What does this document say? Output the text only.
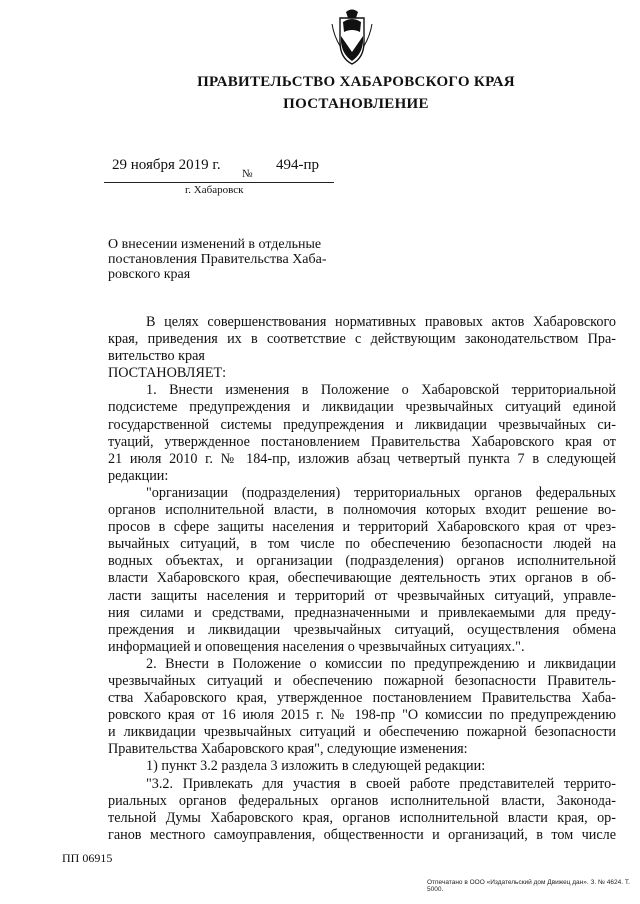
ПРАВИТЕЛЬСТВО ХАБАРОВСКОГО КРАЯ
ПОСТАНОВЛЕНИЕ
29 ноября 2019 г.
№
494-пр
г. Хабаровск
О внесении изменений в отдельные
постановления Правительства Хаба-
ровского края
В целях совершенствования нормативных правовых актов Хабаровского
края, приведения их в соответствие с действующим законодательством Пра-
вительство края
ПОСТАНОВЛЯЕТ:
1. Внести изменения в Положение о Хабаровской территориальной
подсистеме предупреждения и ликвидации чрезвычайных ситуаций единой
государственной системы предупреждения и ликвидации чрезвычайных си-
туаций, утвержденное постановлением Правительства Хабаровского края от
21 июля 2010 г. № 184-пр, изложив абзац четвертый пункта 7 в следующей
редакции:
"организации (подразделения) территориальных органов федеральных
органов исполнительной власти, в полномочия которых входит решение во-
просов в сфере защиты населения и территорий Хабаровского края от чрез-
вычайных ситуаций, в том числе по обеспечению безопасности людей на
водных объектах, и организации (подразделения) органов исполнительной
власти Хабаровского края, обеспечивающие деятельность этих органов в об-
ласти защиты населения и территорий от чрезвычайных ситуаций, управле-
ния силами и средствами, предназначенными и привлекаемыми для преду-
преждения и ликвидации чрезвычайных ситуаций, осуществления обмена
информацией и оповещения населения о чрезвычайных ситуациях.".
2. Внести в Положение о комиссии по предупреждению и ликвидации
чрезвычайных ситуаций и обеспечению пожарной безопасности Правитель-
ства Хабаровского края, утвержденное постановлением Правительства Хаба-
ровского края от 16 июля 2015 г. № 198-пр "О комиссии по предупреждению
и ликвидации чрезвычайных ситуаций и обеспечению пожарной безопасности
Правительства Хабаровского края", следующие изменения:
1) пункт 3.2 раздела 3 изложить в следующей редакции:
"3.2. Привлекать для участия в своей работе представителей террито-
риальных органов федеральных органов исполнительной власти, Законода-
тельной Думы Хабаровского края, органов исполнительной власти края, ор-
ганов местного самоуправления, общественности и организаций, в том числе
ПП 06915
Отпечатано в ООО «Издательский дом Движец дан». З. № 4624. Т. 5000.
